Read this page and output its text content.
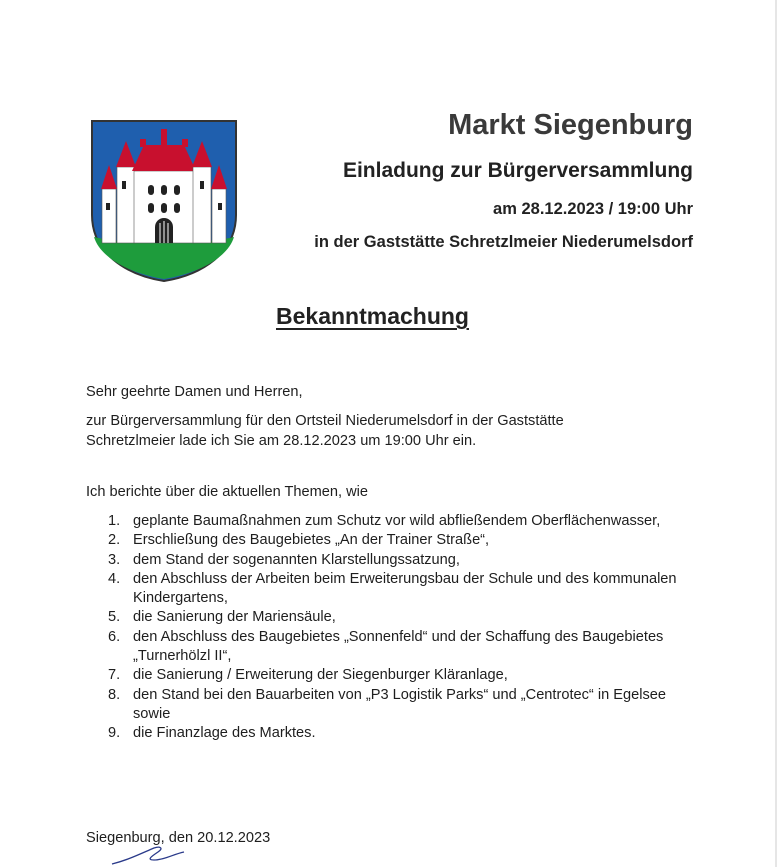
Markt Siegenburg
Einladung zur Bürgerversammlung
am 28.12.2023 / 19:00 Uhr
in der Gaststätte Schretzlmeier Niederumelsdorf
Bekanntmachung
Sehr geehrte Damen und Herren,
zur Bürgerversammlung für den Ortsteil Niederumelsdorf in der Gaststätte Schretzlmeier lade ich Sie am 28.12.2023 um 19:00 Uhr ein.
Ich berichte über die aktuellen Themen, wie
1. geplante Baumaßnahmen zum Schutz vor wild abfließendem Oberflächenwasser,
2. Erschließung des Baugebietes „An der Trainer Straße“,
3. dem Stand der sogenannten Klarstellungssatzung,
4. den Abschluss der Arbeiten beim Erweiterungsbau der Schule und des kommunalen Kindergartens,
5. die Sanierung der Mariensäule,
6. den Abschluss des Baugebietes „Sonnenfeld“ und der Schaffung des Baugebietes „Turnerhölzl II“,
7. die Sanierung / Erweiterung der Siegenburger Kläranlage,
8. den Stand bei den Bauarbeiten von „P3 Logistik Parks“ und „Centrotec“ in Egelsee sowie
9. die Finanzlage des Marktes.
Siegenburg, den 20.12.2023
